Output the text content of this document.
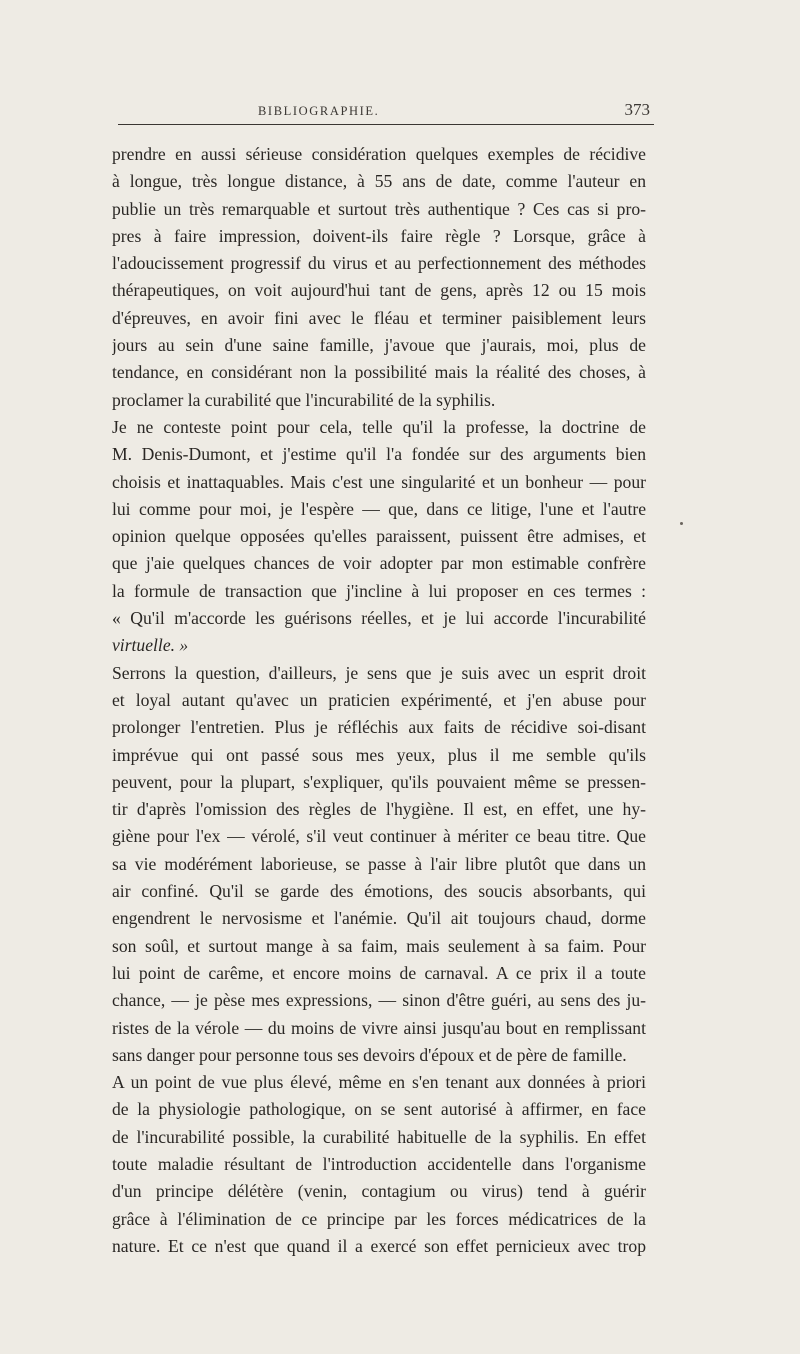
BIBLIOGRAPHIE.	373

prendre en aussi sérieuse considération quelques exemples de récidive
à longue, très longue distance, à 55 ans de date, comme l'auteur en
publie un très remarquable et surtout très authentique ? Ces cas si pro-
pres à faire impression, doivent-ils faire règle ? Lorsque, grâce à
l'adoucissement progressif du virus et au perfectionnement des méthodes
thérapeutiques, on voit aujourd'hui tant de gens, après 12 ou 15 mois
d'épreuves, en avoir fini avec le fléau et terminer paisiblement leurs
jours au sein d'une saine famille, j'avoue que j'aurais, moi, plus de
tendance, en considérant non la possibilité mais la réalité des choses, à
proclamer la curabilité que l'incurabilité de la syphilis.

Je ne conteste point pour cela, telle qu'il la professe, la doctrine de
M. Denis-Dumont, et j'estime qu'il l'a fondée sur des arguments bien
choisis et inattaquables. Mais c'est une singularité et un bonheur — pour
lui comme pour moi, je l'espère — que, dans ce litige, l'une et l'autre
opinion quelque opposées qu'elles paraissent, puissent être admises, et
que j'aie quelques chances de voir adopter par mon estimable confrère
la formule de transaction que j'incline à lui proposer en ces termes :
« Qu'il m'accorde les guérisons réelles, et je lui accorde l'incurabilité
virtuelle. »

Serrons la question, d'ailleurs, je sens que je suis avec un esprit droit
et loyal autant qu'avec un praticien expérimenté, et j'en abuse pour
prolonger l'entretien. Plus je réfléchis aux faits de récidive soi-disant
imprévue qui ont passé sous mes yeux, plus il me semble qu'ils
peuvent, pour la plupart, s'expliquer, qu'ils pouvaient même se pressen-
tir d'après l'omission des règles de l'hygiène. Il est, en effet, une hy-
giène pour l'ex — vérolé, s'il veut continuer à mériter ce beau titre. Que
sa vie modérément laborieuse, se passe à l'air libre plutôt que dans un
air confiné. Qu'il se garde des émotions, des soucis absorbants, qui
engendrent le nervosisme et l'anémie. Qu'il ait toujours chaud, dorme
son soûl, et surtout mange à sa faim, mais seulement à sa faim. Pour
lui point de carême, et encore moins de carnaval. A ce prix il a toute
chance, — je pèse mes expressions, — sinon d'être guéri, au sens des ju-
ristes de la vérole — du moins de vivre ainsi jusqu'au bout en remplissant
sans danger pour personne tous ses devoirs d'époux et de père de famille.

A un point de vue plus élevé, même en s'en tenant aux données à priori
de la physiologie pathologique, on se sent autorisé à affirmer, en face
de l'incurabilité possible, la curabilité habituelle de la syphilis. En effet
toute maladie résultant de l'introduction accidentelle dans l'organisme
d'un principe délétère (venin, contagium ou virus) tend à guérir
grâce à l'élimination de ce principe par les forces médicatrices de la
nature. Et ce n'est que quand il a exercé son effet pernicieux avec trop
